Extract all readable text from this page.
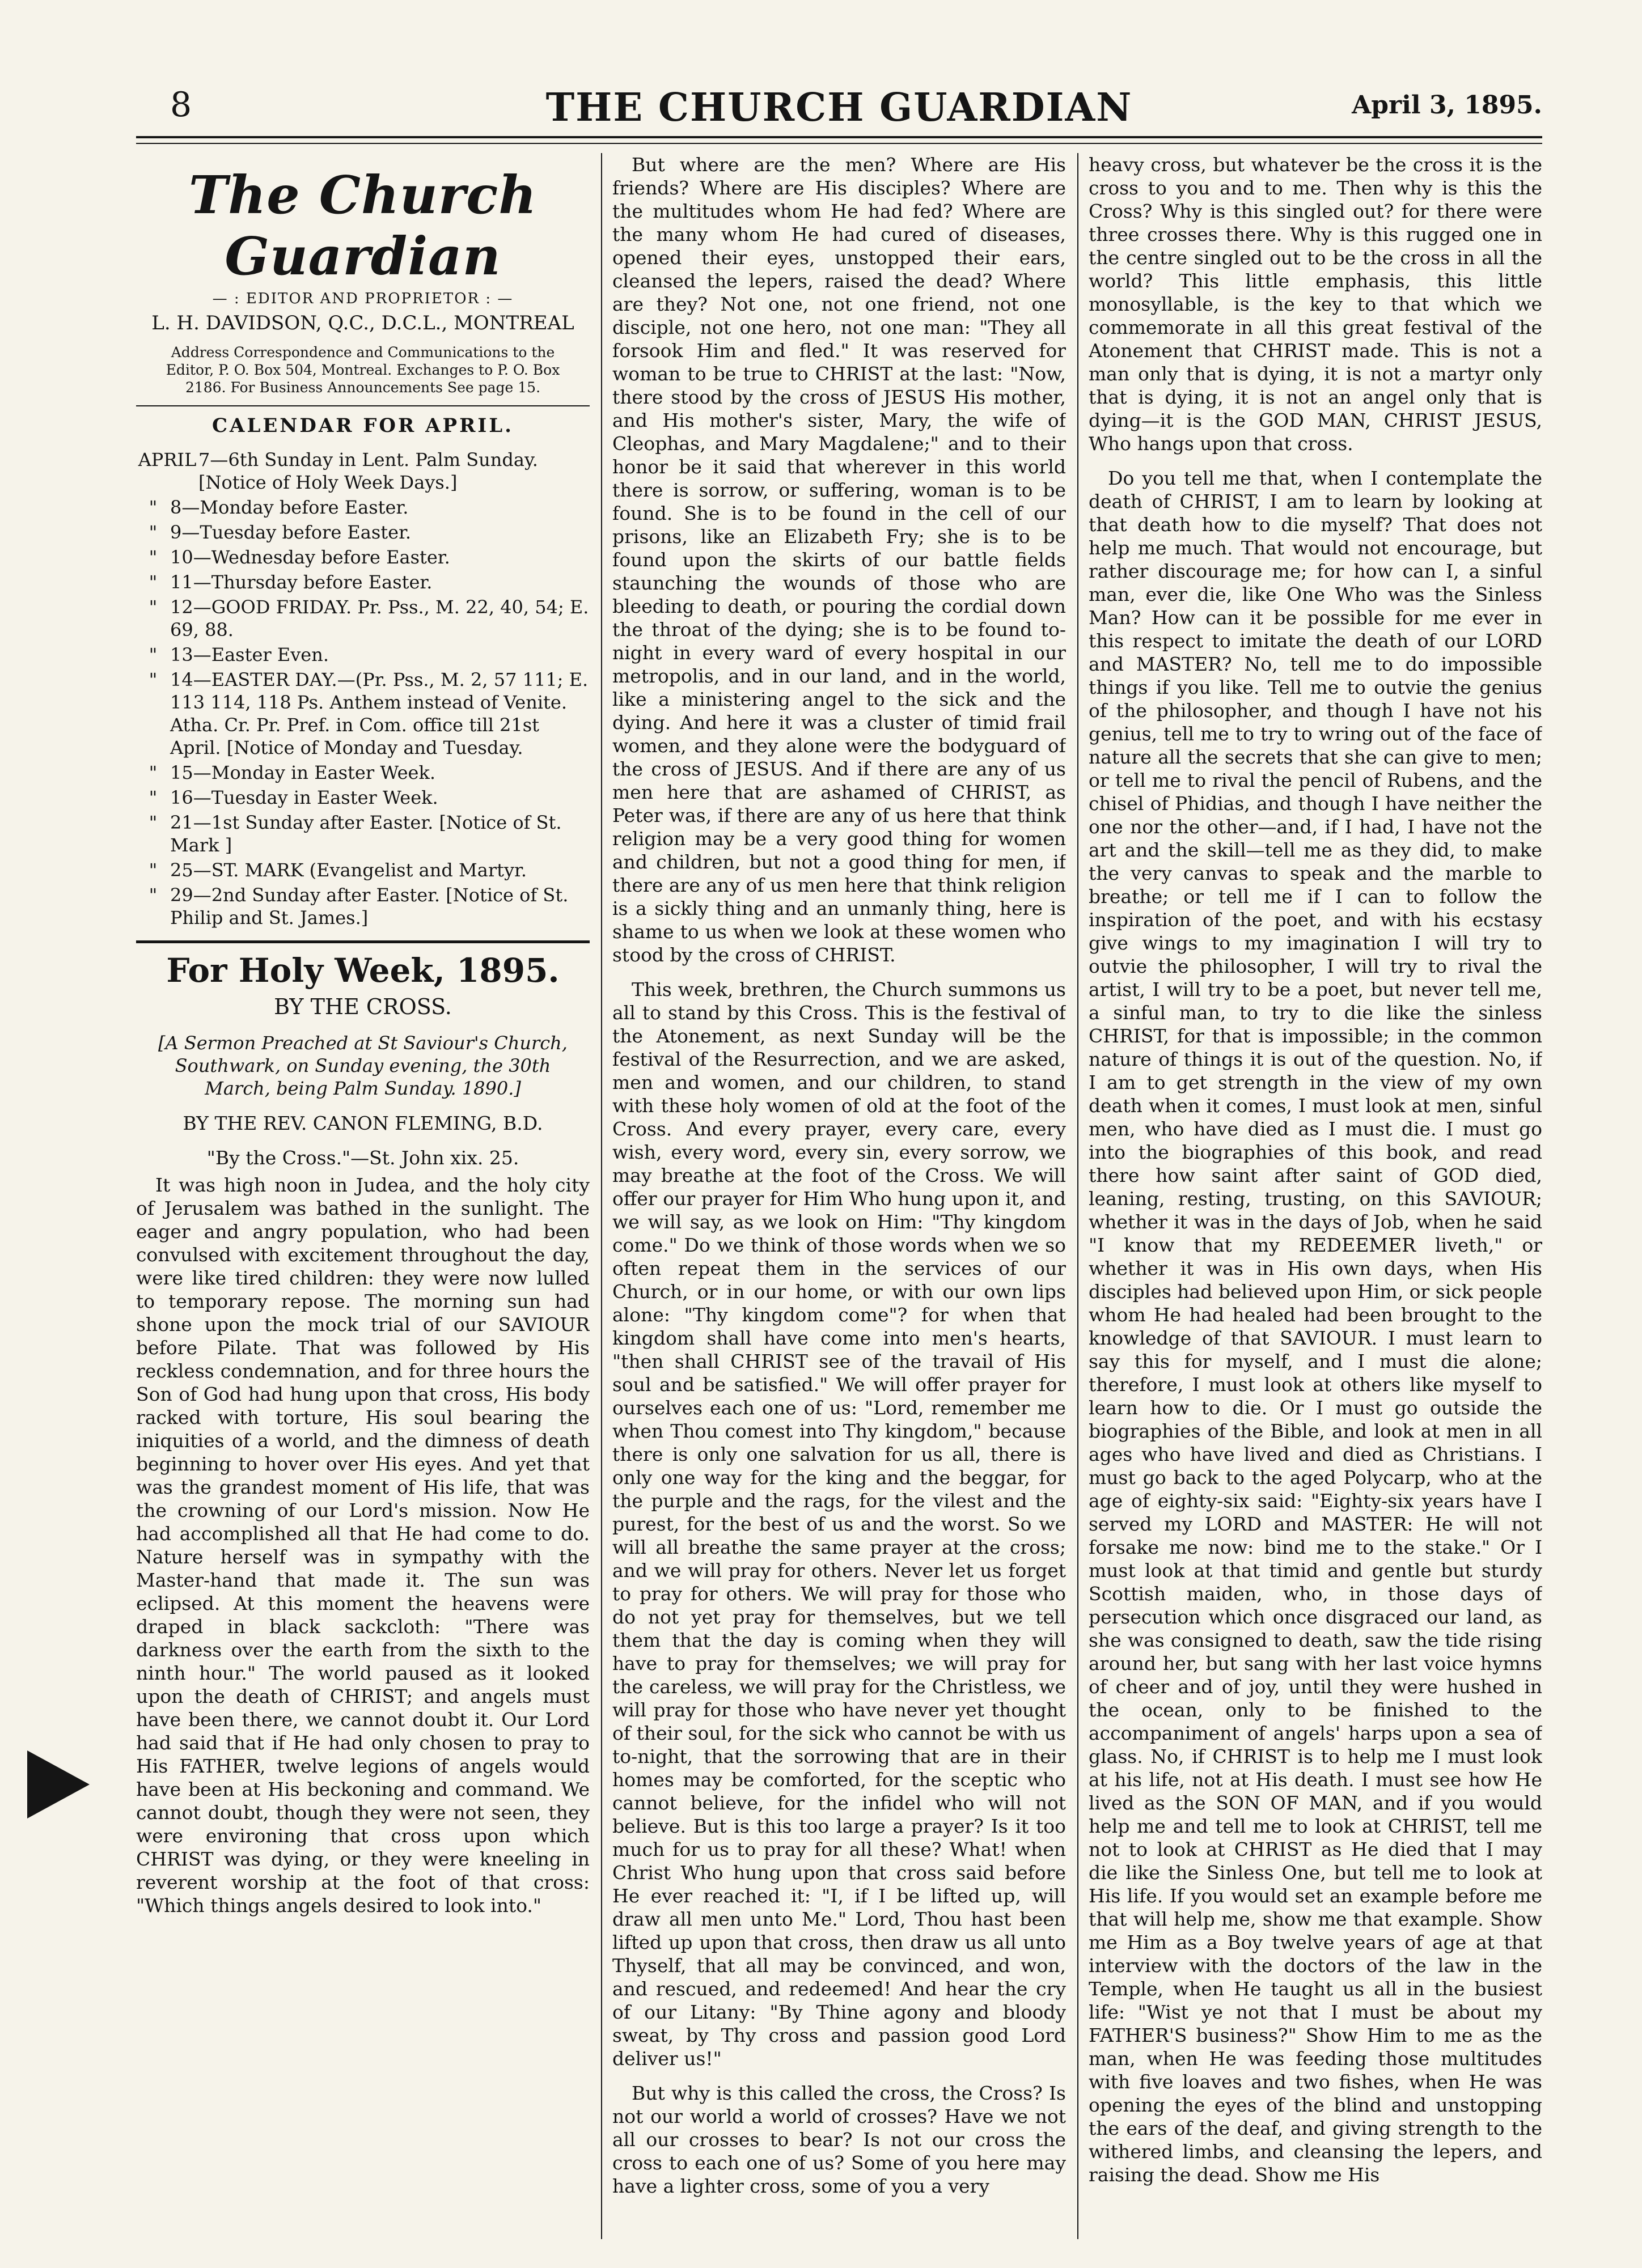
8	THE CHURCH GUARDIAN	April 3, 1895.
The Church Guardian
— : EDITOR AND PROPRIETOR : —
L. H. DAVIDSON, Q.C., D.C.L., MONTREAL
Address Correspondence and Communications to the Editor, P. O. Box 504, Montreal. Exchanges to P. O. Box 2186. For Business Announcements See page 15.
CALENDAR FOR APRIL.
APRIL 7—6th Sunday in Lent. Palm Sunday. [Notice of Holy Week Days.]
" 8—Monday before Easter.
" 9—Tuesday before Easter.
" 10—Wednesday before Easter.
" 11—Thursday before Easter.
" 12—GOOD FRIDAY. Pr. Pss., M. 22, 40, 54; E. 69, 88.
" 13—Easter Even.
" 14—EASTER DAY.—(Pr. Pss., M. 2, 57 111; E. 113 114, 118 Ps. Anthem instead of Venite. Atha. Cr. Pr. Pref. in Com. office till 21st April. [Notice of Monday and Tuesday.
" 15—Monday in Easter Week.
" 16—Tuesday in Easter Week.
" 21—1st Sunday after Easter. [Notice of St. Mark ]
" 25—ST. MARK (Evangelist and Martyr.
" 29—2nd Sunday after Easter. [Notice of St. Philip and St. James.]
For Holy Week, 1895.
BY THE CROSS.
[A Sermon Preached at St Saviour's Church, Southwark, on Sunday evening, the 30th March, being Palm Sunday. 1890.]
BY THE REV. CANON FLEMING, B.D.
"By the Cross."—St. John xix. 25.

It was high noon in Judea, and the holy city of Jerusalem was bathed in the sunlight. The eager and angry population, who had been convulsed with excitement throughout the day, were like tired children: they were now lulled to temporary repose. The morning sun had shone upon the mock trial of our SAVIOUR before Pilate. That was followed by His reckless condemnation, and for three hours the Son of God had hung upon that cross, His body racked with torture, His soul bearing the iniquities of a world, and the dimness of death beginning to hover over His eyes. And yet that was the grandest moment of His life, that was the crowning of our Lord's mission. Now He had accomplished all that He had come to do. Nature herself was in sympathy with the Master-hand that made it. The sun was eclipsed. At this moment the heavens were draped in black sackcloth: "There was darkness over the earth from the sixth to the ninth hour." The world paused as it looked upon the death of CHRIST; and angels must have been there, we cannot doubt it. Our Lord had said that if He had only chosen to pray to His FATHER, twelve legions of angels would have been at His beckoning and command. We cannot doubt, though they were not seen, they were environing that cross upon which CHRIST was dying, or they were kneeling in reverent worship at the foot of that cross: "Which things angels desired to look into."

But where are the men? Where are His friends? Where are His disciples? Where are the multitudes whom He had fed? Where are the many whom He had cured of diseases, opened their eyes, unstopped their ears, cleansed the lepers, raised the dead? Where are they? Not one, not one friend, not one disciple, not one hero, not one man: "They all forsook Him and fled." It was reserved for woman to be true to CHRIST at the last: "Now, there stood by the cross of JESUS His mother, and His mother's sister, Mary, the wife of Cleophas, and Mary Magdalene;" and to their honor be it said that wherever in this world there is sorrow, or suffering, woman is to be found. She is to be found in the cell of our prisons, like an Elizabeth Fry; she is to be found upon the skirts of our battle fields staunching the wounds of those who are bleeding to death, or pouring the cordial down the throat of the dying; she is to be found to-night in every ward of every hospital in our metropolis, and in our land, and in the world, like a ministering angel to the sick and the dying. And here it was a cluster of timid frail women, and they alone were the bodyguard of the cross of JESUS. And if there are any of us men here that are ashamed of CHRIST, as Peter was, if there are any of us here that think religion may be a very good thing for women and children, but not a good thing for men, if there are any of us men here that think religion is a sickly thing and an unmanly thing, here is shame to us when we look at these women who stood by the cross of CHRIST.

This week, brethren, the Church summons us all to stand by this Cross. This is the festival of the Atonement, as next Sunday will be the festival of the Resurrection, and we are asked, men and women, and our children, to stand with these holy women of old at the foot of the Cross. And every prayer, every care, every wish, every word, every sin, every sorrow, we may breathe at the foot of the Cross. We will offer our prayer for Him Who hung upon it, and we will say, as we look on Him: "Thy kingdom come." Do we think of those words when we so often repeat them in the services of our Church, or in our home, or with our own lips alone: "Thy kingdom come"? for when that kingdom shall have come into men's hearts, "then shall CHRIST see of the travail of His soul and be satisfied." We will offer prayer for ourselves each one of us: "Lord, remember me when Thou comest into Thy kingdom," because there is only one salvation for us all, there is only one way for the king and the beggar, for the purple and the rags, for the vilest and the purest, for the best of us and the worst. So we will all breathe the same prayer at the cross; and we will pray for others. Never let us forget to pray for others. We will pray for those who do not yet pray for themselves, but we tell them that the day is coming when they will have to pray for themselves; we will pray for the careless, we will pray for the Christless, we will pray for those who have never yet thought of their soul, for the sick who cannot be with us to-night, that the sorrowing that are in their homes may be comforted, for the sceptic who cannot believe, for the infidel who will not believe. But is this too large a prayer? Is it too much for us to pray for all these? What! when Christ Who hung upon that cross said before He ever reached it: "I, if I be lifted up, will draw all men unto Me." Lord, Thou hast been lifted up upon that cross, then draw us all unto Thyself, that all may be convinced, and won, and rescued, and redeemed! And hear the cry of our Litany: "By Thine agony and bloody sweat, by Thy cross and passion good Lord deliver us!"

But why is this called the cross, the Cross? Is not our world a world of crosses? Have we not all our crosses to bear? Is not our cross the cross to each one of us? Some of you here may have a lighter cross, some of you a very

heavy cross, but whatever be the cross it is the cross to you and to me. Then why is this the Cross? Why is this singled out? for there were three crosses there. Why is this rugged one in the centre singled out to be the cross in all the world? This little emphasis, this little monosyllable, is the key to that which we commemorate in all this great festival of the Atonement that CHRIST made. This is not a man only that is dying, it is not a martyr only that is dying, it is not an angel only that is dying—it is the GOD MAN, CHRIST JESUS, Who hangs upon that cross.

Do you tell me that, when I contemplate the death of CHRIST, I am to learn by looking at that death how to die myself? That does not help me much. That would not encourage, but rather discourage me; for how can I, a sinful man, ever die, like One Who was the Sinless Man? How can it be possible for me ever in this respect to imitate the death of our LORD and MASTER? No, tell me to do impossible things if you like. Tell me to outvie the genius of the philosopher, and though I have not his genius, tell me to try to wring out of the face of nature all the secrets that she can give to men; or tell me to rival the pencil of Rubens, and the chisel of Phidias, and though I have neither the one nor the other—and, if I had, I have not the art and the skill—tell me as they did, to make the very canvas to speak and the marble to breathe; or tell me if I can to follow the inspiration of the poet, and with his ecstasy give wings to my imagination I will try to outvie the philosopher, I will try to rival the artist, I will try to be a poet, but never tell me, a sinful man, to try to die like the sinless CHRIST, for that is impossible; in the common nature of things it is out of the question. No, if I am to get strength in the view of my own death when it comes, I must look at men, sinful men, who have died as I must die. I must go into the biographies of this book, and read there how saint after saint of GOD died, leaning, resting, trusting, on this SAVIOUR; whether it was in the days of Job, when he said "I know that my REDEEMER liveth," or whether it was in His own days, when His disciples had believed upon Him, or sick people whom He had healed had been brought to the knowledge of that SAVIOUR. I must learn to say this for myself, and I must die alone; therefore, I must look at others like myself to learn how to die. Or I must go outside the biographies of the Bible, and look at men in all ages who have lived and died as Christians. I must go back to the aged Polycarp, who at the age of eighty-six said: "Eighty-six years have I served my LORD and MASTER: He will not forsake me now: bind me to the stake." Or I must look at that timid and gentle but sturdy Scottish maiden, who, in those days of persecution which once disgraced our land, as she was consigned to death, saw the tide rising around her, but sang with her last voice hymns of cheer and of joy, until they were hushed in the ocean, only to be finished to the accompaniment of angels' harps upon a sea of glass. No, if CHRIST is to help me I must look at his life, not at His death. I must see how He lived as the SON OF MAN, and if you would help me and tell me to look at CHRIST, tell me not to look at CHRIST as He died that I may die like the Sinless One, but tell me to look at His life. If you would set an example before me that will help me, show me that example. Show me Him as a Boy twelve years of age at that interview with the doctors of the law in the Temple, when He taught us all in the busiest life: "Wist ye not that I must be about my FATHER'S business?" Show Him to me as the man, when He was feeding those multitudes with five loaves and two fishes, when He was opening the eyes of the blind and unstopping the ears of the deaf, and giving strength to the withered limbs, and cleansing the lepers, and raising the dead. Show me His
